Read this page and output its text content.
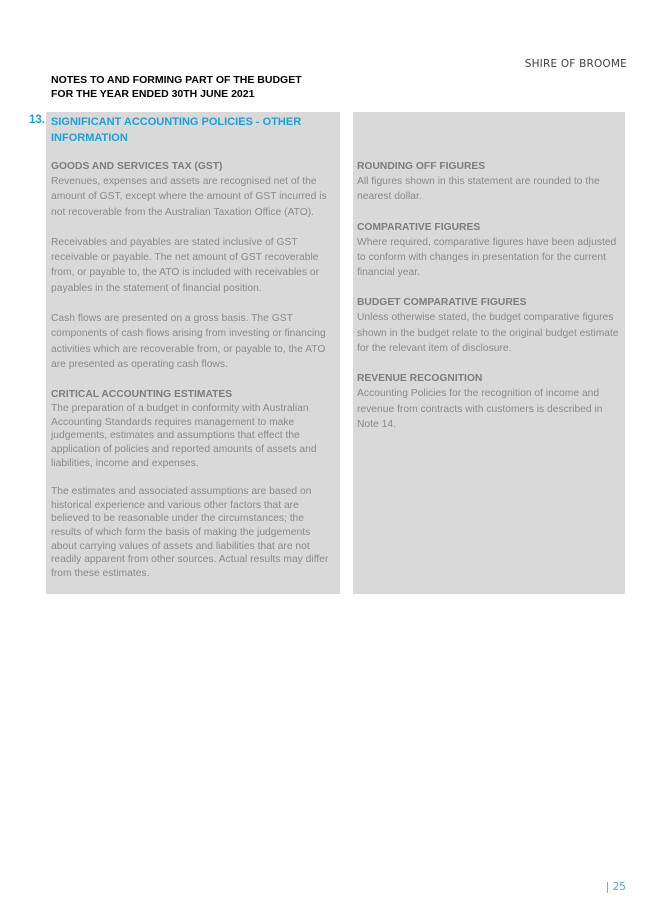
SHIRE OF BROOME
NOTES TO AND FORMING PART OF THE BUDGET
FOR THE YEAR ENDED 30TH JUNE 2021
13. SIGNIFICANT ACCOUNTING POLICIES - OTHER INFORMATION
GOODS AND SERVICES TAX (GST)

Revenues, expenses and assets are recognised net of the amount of GST, except where the amount of GST incurred is not recoverable from the Australian Taxation Office (ATO).

Receivables and payables are stated inclusive of GST receivable or payable. The net amount of GST recoverable from, or payable to, the ATO is included with receivables or payables in the statement of financial position.

Cash flows are presented on a gross basis. The GST components of cash flows arising from investing or financing activities which are recoverable from, or payable to, the ATO are presented as operating cash flows.

CRITICAL ACCOUNTING ESTIMATES

The preparation of a budget in conformity with Australian Accounting Standards requires management to make judgements, estimates and assumptions that effect the application of policies and reported amounts of assets and liabilities, income and expenses.

The estimates and associated assumptions are based on historical experience and various other factors that are believed to be reasonable under the circumstances; the results of which form the basis of making the judgements about carrying values of assets and liabilities that are not readily apparent from other sources. Actual results may differ from these estimates.

ROUNDING OFF FIGURES

All figures shown in this statement are rounded to the nearest dollar.

COMPARATIVE FIGURES

Where required, comparative figures have been adjusted to conform with changes in presentation for the current financial year.

BUDGET COMPARATIVE FIGURES

Unless otherwise stated, the budget comparative figures shown in the budget relate to the original budget estimate for the relevant item of disclosure.

REVENUE RECOGNITION

Accounting Policies for the recognition of income and revenue from contracts with customers is described in Note 14.

| 25
